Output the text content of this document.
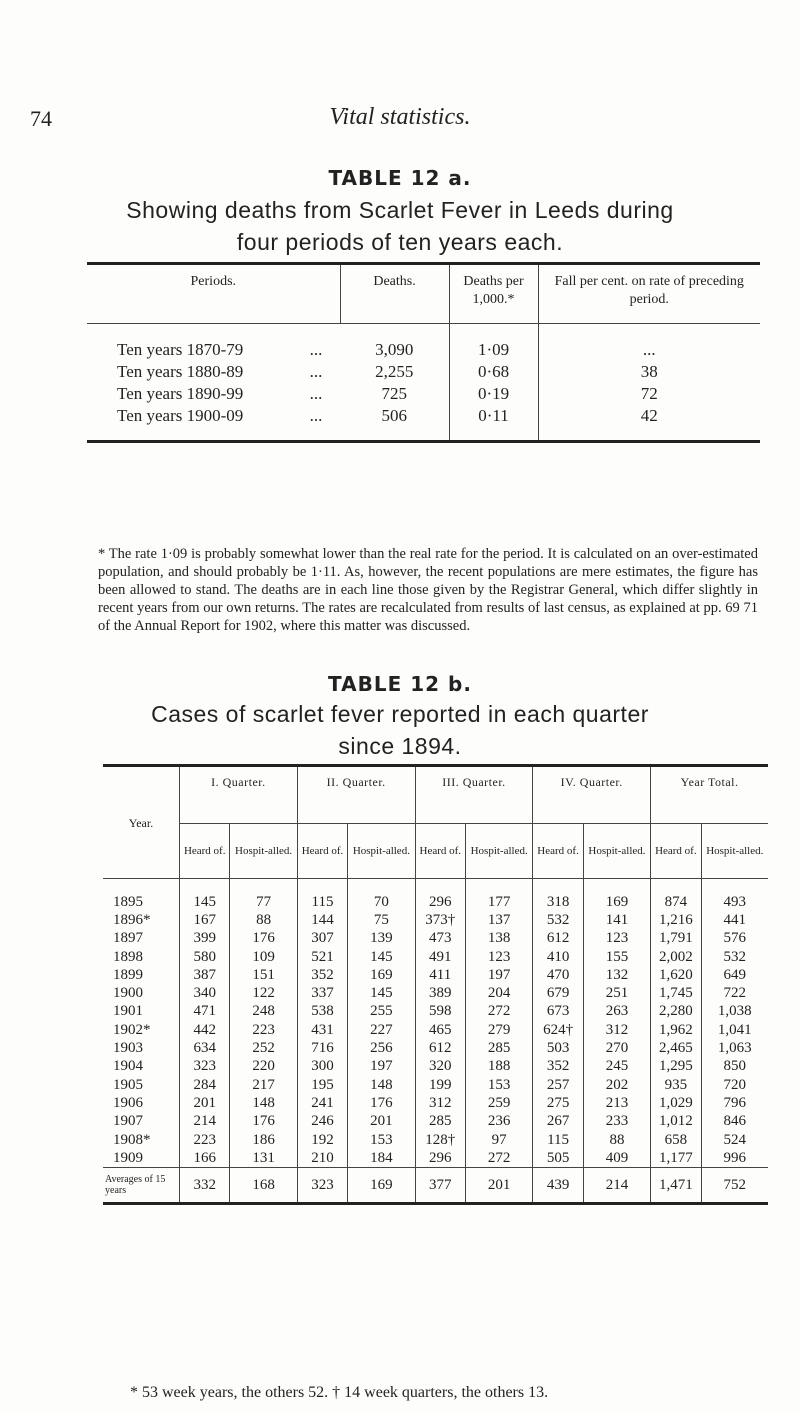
74	Vital statistics.
TABLE 12 a.
Showing deaths from Scarlet Fever in Leeds during
four periods of ten years each.
Periods.		Deaths.	Deaths per 1,000.*	Fall per cent. on rate of preceding period.
Ten years 1870-79	...	3,090	1·09	...
Ten years 1880-89	...	2,255	0·68	38
Ten years 1890-99	...	725	0·19	72
Ten years 1900-09	...	506	0·11	42
* The rate 1·09 is probably somewhat lower than the real rate for the period. It is calculated on an over-estimated population, and should probably be 1·11. As, however, the recent populations are mere estimates, the figure has been allowed to stand. The deaths are in each line those given by the Registrar General, which differ slightly in recent years from our own returns. The rates are recalculated from results of last census, as explained at pp. 69 71 of the Annual Report for 1902, where this matter was discussed.
TABLE 12 b.
Cases of scarlet fever reported in each quarter
since 1894.
Year.	I. Quarter.		II. Quarter.		III. Quarter.		IV. Quarter.		Year Total.	
	Heard of.	Hospit-alled.	Heard of.	Hospit-alled.	Heard of.	Hospit-alled.	Heard of.	Hospit-alled.	Heard of.	Hospit-alled.
1895	145	77	115	70	296	177	318	169	874	493
1896*	167	88	144	75	373†	137	532	141	1,216	441
1897	399	176	307	139	473	138	612	123	1,791	576
1898	580	109	521	145	491	123	410	155	2,002	532
1899	387	151	352	169	411	197	470	132	1,620	649
1900	340	122	337	145	389	204	679	251	1,745	722
1901	471	248	538	255	598	272	673	263	2,280	1,038
1902*	442	223	431	227	465	279	624†	312	1,962	1,041
1903	634	252	716	256	612	285	503	270	2,465	1,063
1904	323	220	300	197	320	188	352	245	1,295	850
1905	284	217	195	148	199	153	257	202	935	720
1906	201	148	241	176	312	259	275	213	1,029	796
1907	214	176	246	201	285	236	267	233	1,012	846
1908*	223	186	192	153	128†	97	115	88	658	524
1909	166	131	210	184	296	272	505	409	1,177	996
Averages of 15 years	332	168	323	169	377	201	439	214	1,471	752
* 53 week years, the others 52. † 14 week quarters, the others 13.
